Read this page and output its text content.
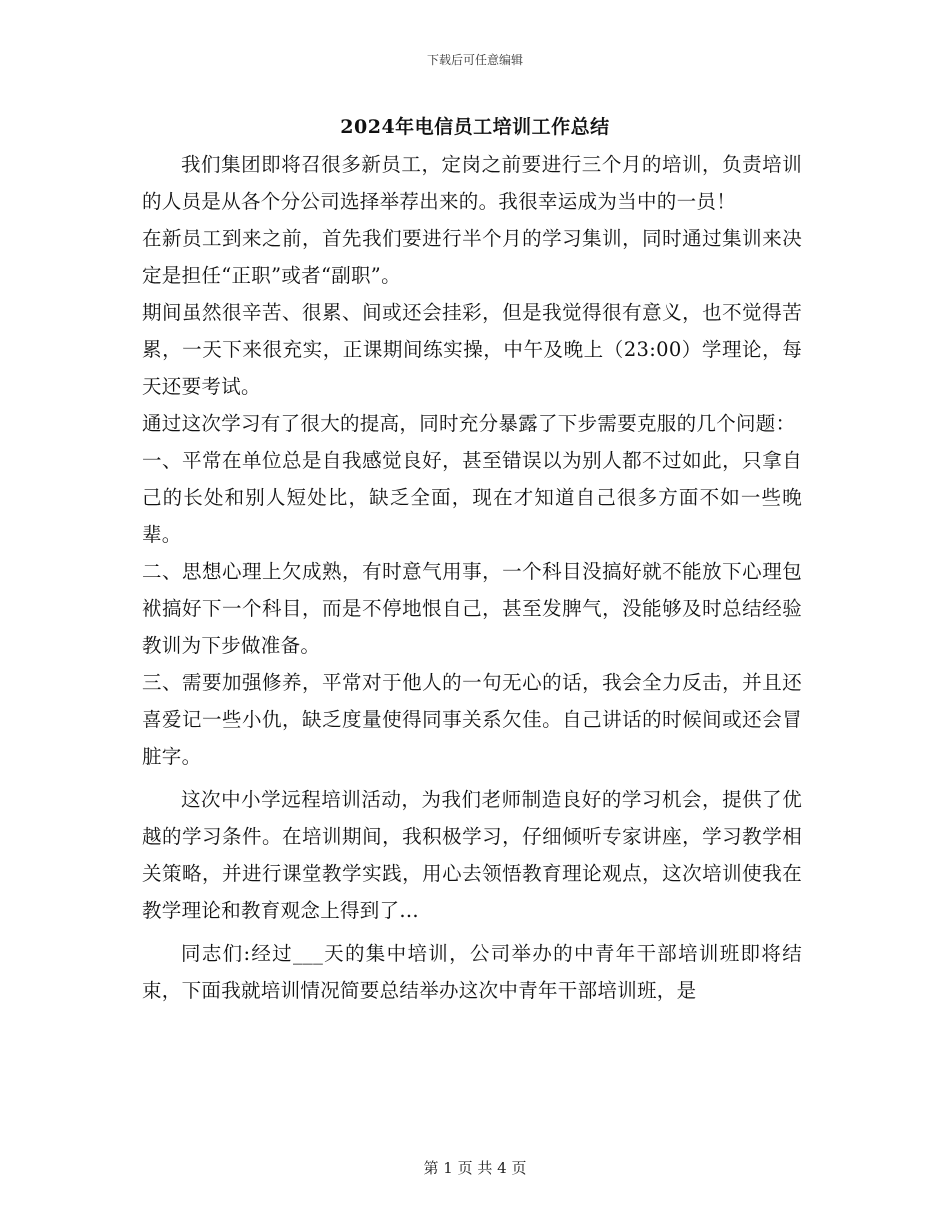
下载后可任意编辑
2024年电信员工培训工作总结

我们集团即将召很多新员工，定岗之前要进行三个月的培训，负责培训的人员是从各个分公司选择举荐出来的。我很幸运成为当中的一员！

在新员工到来之前，首先我们要进行半个月的学习集训，同时通过集训来决定是担任“正职”或者“副职”。

期间虽然很辛苦、很累、间或还会挂彩，但是我觉得很有意义，也不觉得苦累，一天下来很充实，正课期间练实操，中午及晚上（23:00）学理论，每天还要考试。

通过这次学习有了很大的提高，同时充分暴露了下步需要克服的几个问题：

一、平常在单位总是自我感觉良好，甚至错误以为别人都不过如此，只拿自己的长处和别人短处比，缺乏全面，现在才知道自己很多方面不如一些晚辈。

二、思想心理上欠成熟，有时意气用事，一个科目没搞好就不能放下心理包袱搞好下一个科目，而是不停地恨自己，甚至发脾气，没能够及时总结经验教训为下步做准备。

三、需要加强修养，平常对于他人的一句无心的话，我会全力反击，并且还喜爱记一些小仇，缺乏度量使得同事关系欠佳。自己讲话的时候间或还会冒脏字。

这次中小学远程培训活动，为我们老师制造良好的学习机会，提供了优越的学习条件。在培训期间，我积极学习，仔细倾听专家讲座，学习教学相关策略，并进行课堂教学实践，用心去领悟教育理论观点，这次培训使我在教学理论和教育观念上得到了...

同志们:经过___天的集中培训，公司举办的中青年干部培训班即将结束，下面我就培训情况简要总结举办这次中青年干部培训班，是

第 1 页 共 4 页
